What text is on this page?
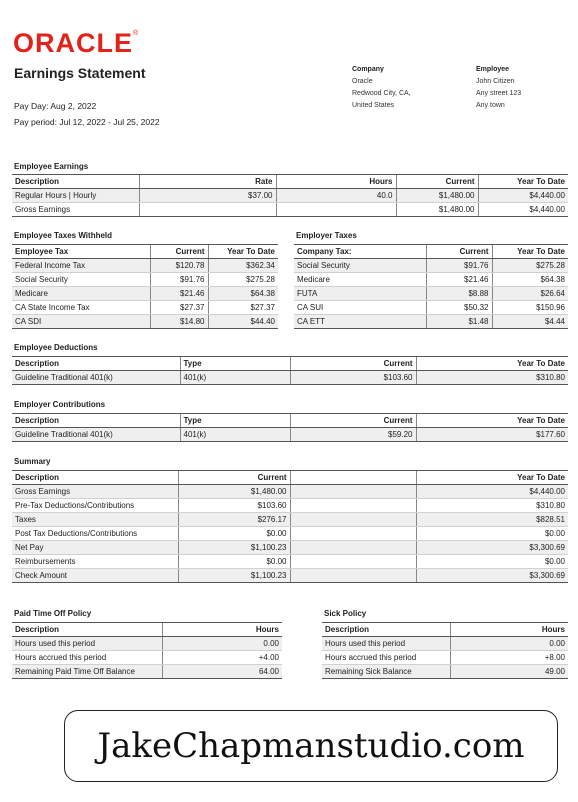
ORACLE®
Earnings Statement
Pay Day: Aug 2, 2022
Pay period: Jul 12, 2022 - Jul 25, 2022
Company
Oracle
Redwood City, CA,
United States
Employee
John Citizen
Any street 123
Any town
Employee Earnings
Description	Rate	Hours	Current	Year To Date
Regular Hours | Hourly	$37.00	40.0	$1,480.00	$4,440.00
Gross Earnings			$1,480.00	$4,440.00
Employee Taxes Withheld
Employee Tax	Current	Year To Date
Federal Income Tax	$120.78	$362.34
Social Security	$91.76	$275.28
Medicare	$21.46	$64.38
CA State Income Tax	$27.37	$27.37
CA SDI	$14.80	$44.40
Employer Taxes
Company Tax:	Current	Year To Date
Social Security	$91.76	$275.28
Medicare	$21.46	$64.38
FUTA	$8.88	$26.64
CA SUI	$50.32	$150.96
CA ETT	$1.48	$4.44
Employee Deductions
Description	Type	Current	Year To Date
Guideline Traditional 401(k)	401(k)	$103.60	$310.80
Employer Contributions
Description	Type	Current	Year To Date
Guideline Traditional 401(k)	401(k)	$59.20	$177.60
Summary
Description	Current		Year To Date
Gross Earnings	$1,480.00		$4,440.00
Pre-Tax Deductions/Contributions	$103.60		$310.80
Taxes	$276.17		$828.51
Post Tax Deductions/Contributions	$0.00		$0.00
Net Pay	$1,100.23		$3,300.69
Reimbursements	$0.00		$0.00
Check Amount	$1,100.23		$3,300.69
Paid Time Off Policy
Description	Hours
Hours used this period	0.00
Hours accrued this period	+4.00
Remaining Paid Time Off Balance	64.00
Sick Policy
Description	Hours
Hours used this period	0.00
Hours accrued this period	+8.00
Remaining Sick Balance	49.00
JakeChapmanstudio.com
